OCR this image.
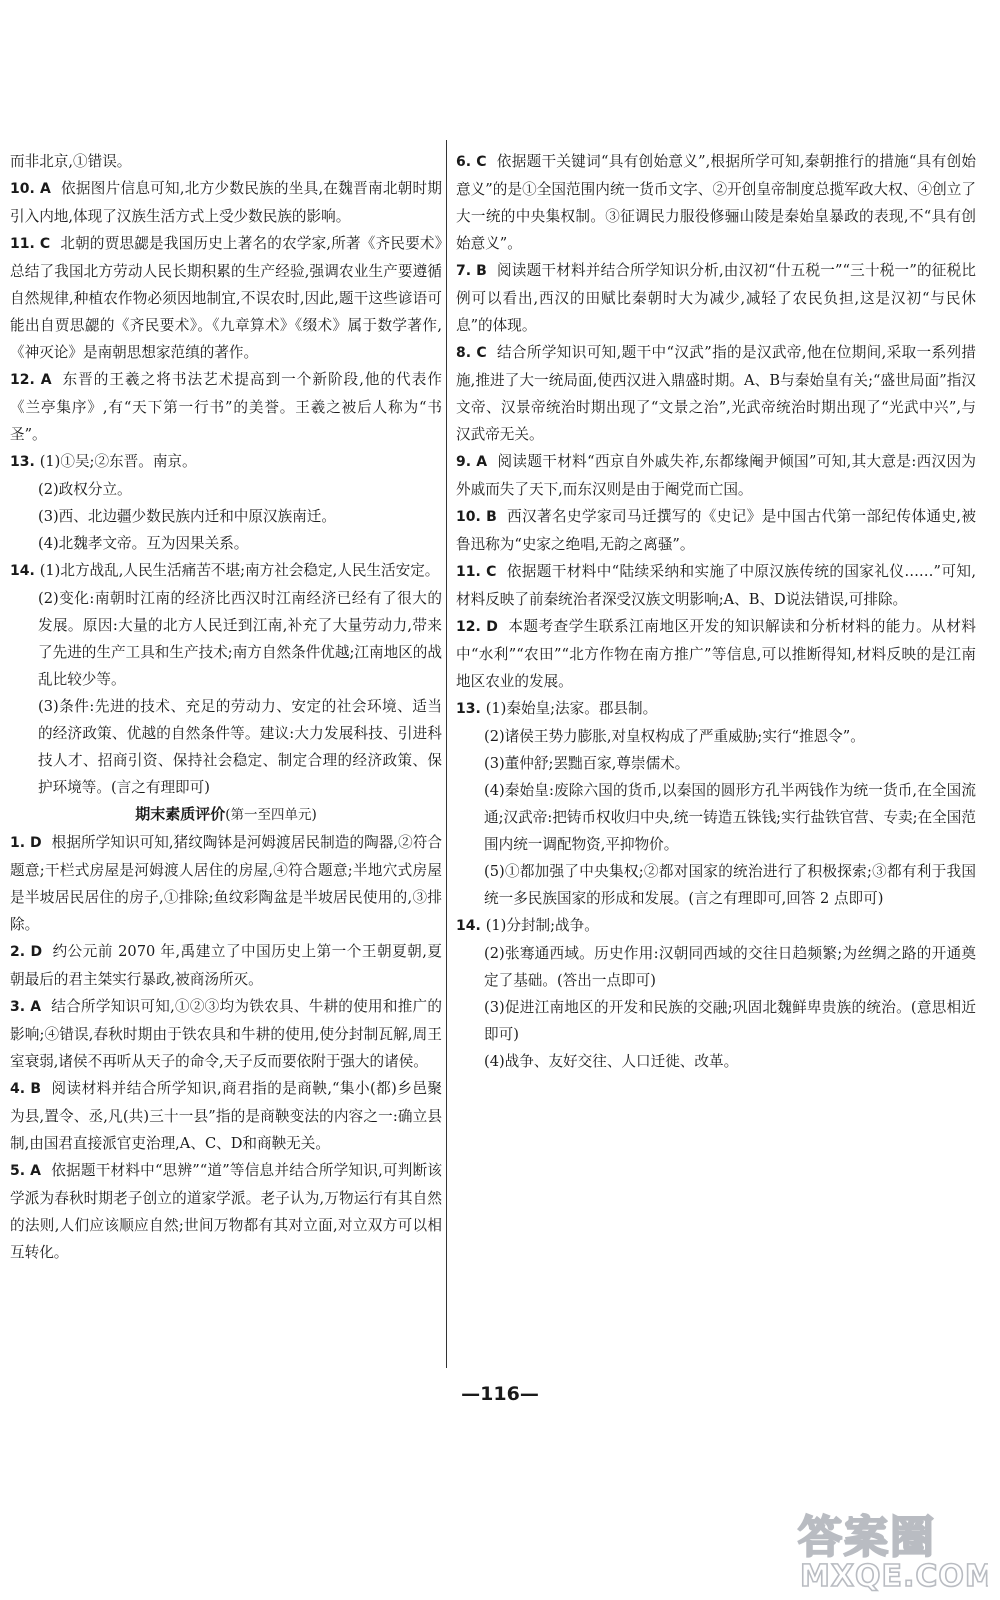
而非北京,①错误。

10. A 依据图片信息可知,北方少数民族的坐具,在魏晋南北朝时期引入内地,体现了汉族生活方式上受少数民族的影响。

11. C 北朝的贾思勰是我国历史上著名的农学家,所著《齐民要术》总结了我国北方劳动人民长期积累的生产经验,强调农业生产要遵循自然规律,种植农作物必须因地制宜,不误农时,因此,题干这些谚语可能出自贾思勰的《齐民要术》。《九章算术》《缀术》属于数学著作,《神灭论》是南朝思想家范缜的著作。

12. A 东晋的王羲之将书法艺术提高到一个新阶段,他的代表作《兰亭集序》,有“天下第一行书”的美誉。王羲之被后人称为“书圣”。

13. (1)①吴;②东晋。南京。

(2)政权分立。

(3)西、北边疆少数民族内迁和中原汉族南迁。

(4)北魏孝文帝。互为因果关系。

14. (1)北方战乱,人民生活痛苦不堪;南方社会稳定,人民生活安定。

(2)变化:南朝时江南的经济比西汉时江南经济已经有了很大的发展。原因:大量的北方人民迁到江南,补充了大量劳动力,带来了先进的生产工具和生产技术;南方自然条件优越;江南地区的战乱比较少等。

(3)条件:先进的技术、充足的劳动力、安定的社会环境、适当的经济政策、优越的自然条件等。建议:大力发展科技、引进科技人才、招商引资、保持社会稳定、制定合理的经济政策、保护环境等。(言之有理即可)

期末素质评价(第一至四单元)

1. D 根据所学知识可知,猪纹陶钵是河姆渡居民制造的陶器,②符合题意;干栏式房屋是河姆渡人居住的房屋,④符合题意;半地穴式房屋是半坡居民居住的房子,①排除;鱼纹彩陶盆是半坡居民使用的,③排除。

2. D 约公元前 2070 年,禹建立了中国历史上第一个王朝夏朝,夏朝最后的君主桀实行暴政,被商汤所灭。

3. A 结合所学知识可知,①②③均为铁农具、牛耕的使用和推广的影响;④错误,春秋时期由于铁农具和牛耕的使用,使分封制瓦解,周王室衰弱,诸侯不再听从天子的命令,天子反而要依附于强大的诸侯。

4. B 阅读材料并结合所学知识,商君指的是商鞅,“集小(都)乡邑聚为县,置令、丞,凡(共)三十一县”指的是商鞅变法的内容之一:确立县制,由国君直接派官吏治理,A、C、D和商鞅无关。

5. A 依据题干材料中“思辨”“道”等信息并结合所学知识,可判断该学派为春秋时期老子创立的道家学派。老子认为,万物运行有其自然的法则,人们应该顺应自然;世间万物都有其对立面,对立双方可以相互转化。

6. C 依据题干关键词“具有创始意义”,根据所学可知,秦朝推行的措施“具有创始意义”的是①全国范围内统一货币文字、②开创皇帝制度总揽军政大权、④创立了大一统的中央集权制。③征调民力服役修骊山陵是秦始皇暴政的表现,不“具有创始意义”。

7. B 阅读题干材料并结合所学知识分析,由汉初“什五税一”“三十税一”的征税比例可以看出,西汉的田赋比秦朝时大为减少,减轻了农民负担,这是汉初“与民休息”的体现。

8. C 结合所学知识可知,题干中“汉武”指的是汉武帝,他在位期间,采取一系列措施,推进了大一统局面,使西汉进入鼎盛时期。A、B与秦始皇有关;“盛世局面”指汉文帝、汉景帝统治时期出现了“文景之治”,光武帝统治时期出现了“光武中兴”,与汉武帝无关。

9. A 阅读题干材料“西京自外戚失祚,东都缘阉尹倾国”可知,其大意是:西汉因为外戚而失了天下,而东汉则是由于阉党而亡国。

10. B 西汉著名史学家司马迁撰写的《史记》是中国古代第一部纪传体通史,被鲁迅称为“史家之绝唱,无韵之离骚”。

11. C 依据题干材料中“陆续采纳和实施了中原汉族传统的国家礼仪……”可知,材料反映了前秦统治者深受汉族文明影响;A、B、D说法错误,可排除。

12. D 本题考查学生联系江南地区开发的知识解读和分析材料的能力。从材料中“水利”“农田”“北方作物在南方推广”等信息,可以推断得知,材料反映的是江南地区农业的发展。

13. (1)秦始皇;法家。郡县制。

(2)诸侯王势力膨胀,对皇权构成了严重威胁;实行“推恩令”。

(3)董仲舒;罢黜百家,尊崇儒术。

(4)秦始皇:废除六国的货币,以秦国的圆形方孔半两钱作为统一货币,在全国流通;汉武帝:把铸币权收归中央,统一铸造五铢钱;实行盐铁官营、专卖;在全国范围内统一调配物资,平抑物价。

(5)①都加强了中央集权;②都对国家的统治进行了积极探索;③都有利于我国统一多民族国家的形成和发展。(言之有理即可,回答 2 点即可)

14. (1)分封制;战争。

(2)张骞通西域。历史作用:汉朝同西域的交往日趋频繁;为丝绸之路的开通奠定了基础。(答出一点即可)

(3)促进江南地区的开发和民族的交融;巩固北魏鲜卑贵族的统治。(意思相近即可)

(4)战争、友好交往、人口迁徙、改革。

—116—
答案圈
MXQE.COM
